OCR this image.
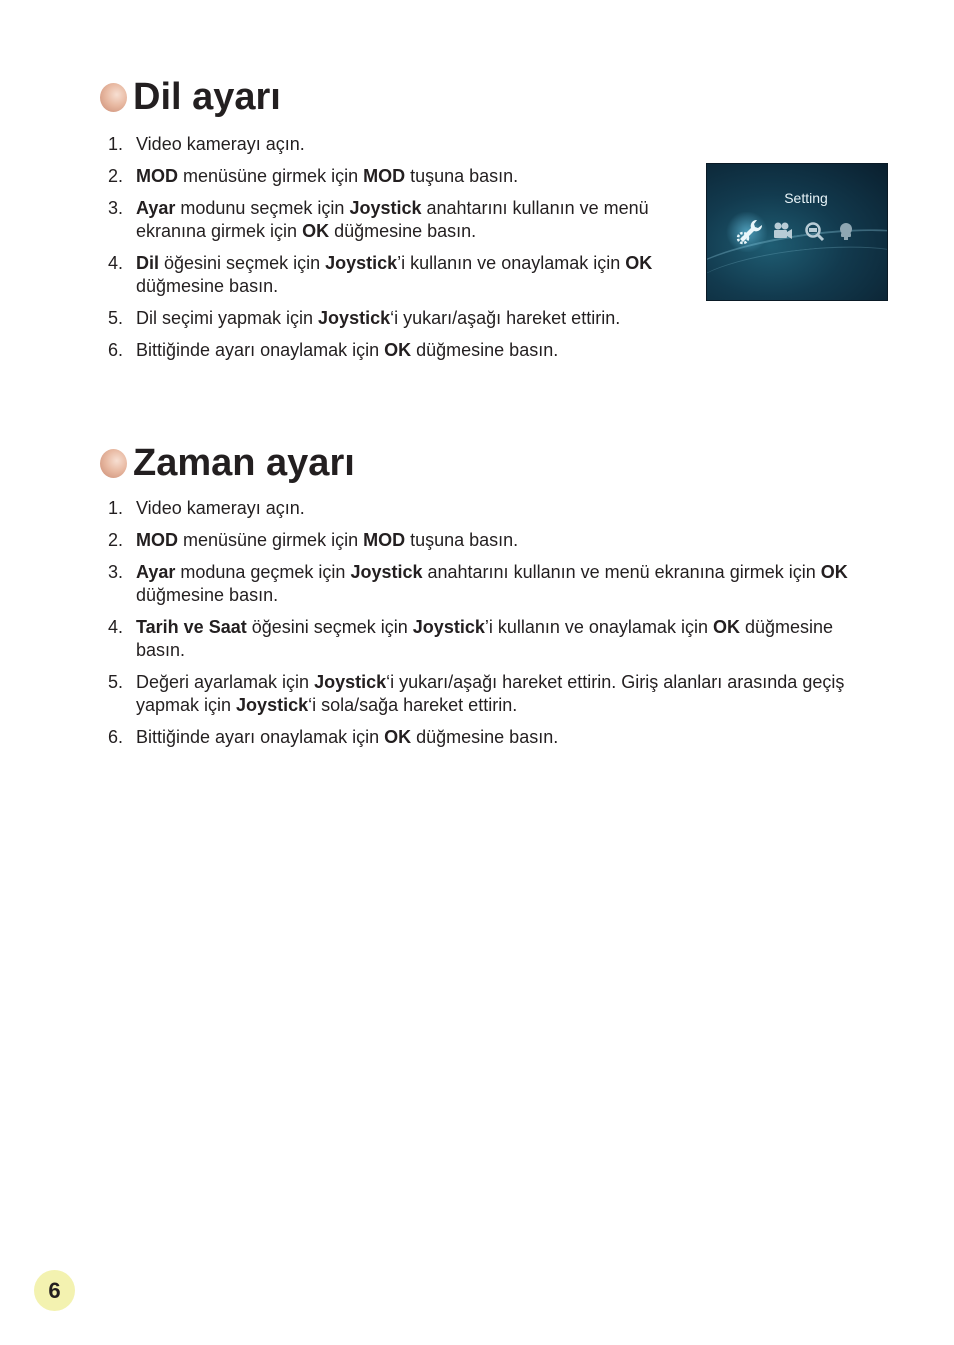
Dil ayarı
1. Video kamerayı açın.
2. MOD menüsüne girmek için MOD tuşuna basın.
3. Ayar modunu seçmek için Joystick anahtarını kullanın ve menü ekranına girmek için OK düğmesine basın.
4. Dil öğesini seçmek için Joystick’i kullanın ve onaylamak için OK düğmesine basın.
5. Dil seçimi yapmak için Joystick‘i yukarı/aşağı hareket ettirin.
6. Bittiğinde ayarı onaylamak için OK düğmesine basın.
Setting
Zaman ayarı
1. Video kamerayı açın.
2. MOD menüsüne girmek için MOD tuşuna basın.
3. Ayar moduna geçmek için Joystick anahtarını kullanın ve menü ekranına girmek için OK düğmesine basın.
4. Tarih ve Saat öğesini seçmek için Joystick’i kullanın ve onaylamak için OK düğmesine basın.
5. Değeri ayarlamak için Joystick‘i yukarı/aşağı hareket ettirin. Giriş alanları arasında geçiş yapmak için Joystick‘i sola/sağa hareket ettirin.
6. Bittiğinde ayarı onaylamak için OK düğmesine basın.
6
